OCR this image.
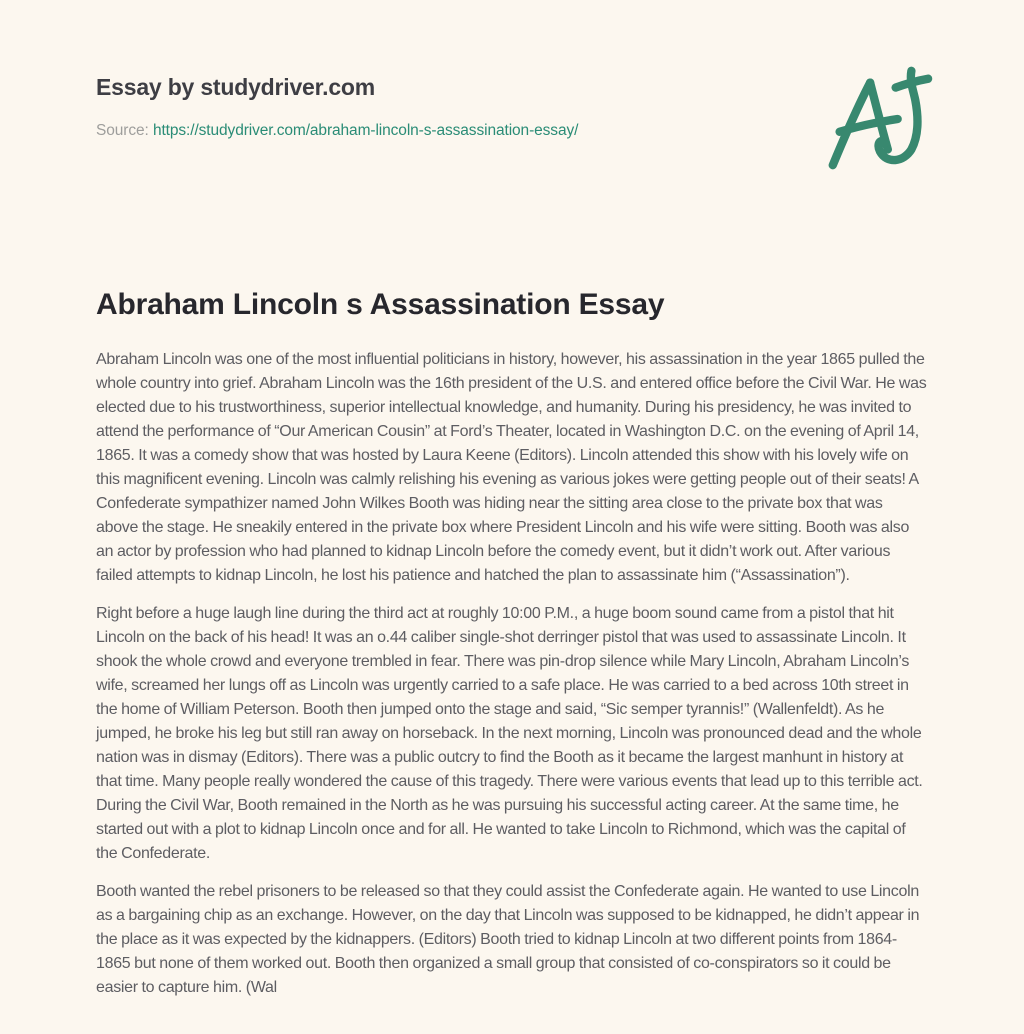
Essay by studydriver.com
Source: https://studydriver.com/abraham-lincoln-s-assassination-essay/
Abraham Lincoln s Assassination Essay

Abraham Lincoln was one of the most influential politicians in history, however, his assassination in the year 1865 pulled the whole country into grief. Abraham Lincoln was the 16th president of the U.S. and entered office before the Civil War. He was elected due to his trustworthiness, superior intellectual knowledge, and humanity. During his presidency, he was invited to attend the performance of “Our American Cousin” at Ford’s Theater, located in Washington D.C. on the evening of April 14, 1865. It was a comedy show that was hosted by Laura Keene (Editors). Lincoln attended this show with his lovely wife on this magnificent evening. Lincoln was calmly relishing his evening as various jokes were getting people out of their seats! A Confederate sympathizer named John Wilkes Booth was hiding near the sitting area close to the private box that was above the stage. He sneakily entered in the private box where President Lincoln and his wife were sitting. Booth was also an actor by profession who had planned to kidnap Lincoln before the comedy event, but it didn’t work out. After various failed attempts to kidnap Lincoln, he lost his patience and hatched the plan to assassinate him (“Assassination”).

Right before a huge laugh line during the third act at roughly 10:00 P.M., a huge boom sound came from a pistol that hit Lincoln on the back of his head! It was an o.44 caliber single-shot derringer pistol that was used to assassinate Lincoln. It shook the whole crowd and everyone trembled in fear. There was pin-drop silence while Mary Lincoln, Abraham Lincoln’s wife, screamed her lungs off as Lincoln was urgently carried to a safe place. He was carried to a bed across 10th street in the home of William Peterson. Booth then jumped onto the stage and said, “Sic semper tyrannis!” (Wallenfeldt). As he jumped, he broke his leg but still ran away on horseback. In the next morning, Lincoln was pronounced dead and the whole nation was in dismay (Editors). There was a public outcry to find the Booth as it became the largest manhunt in history at that time. Many people really wondered the cause of this tragedy. There were various events that lead up to this terrible act. During the Civil War, Booth remained in the North as he was pursuing his successful acting career. At the same time, he started out with a plot to kidnap Lincoln once and for all. He wanted to take Lincoln to Richmond, which was the capital of the Confederate.

Booth wanted the rebel prisoners to be released so that they could assist the Confederate again. He wanted to use Lincoln as a bargaining chip as an exchange. However, on the day that Lincoln was supposed to be kidnapped, he didn’t appear in the place as it was expected by the kidnappers. (Editors) Booth tried to kidnap Lincoln at two different points from 1864-1865 but none of them worked out. Booth then organized a small group that consisted of co-conspirators so it could be easier to capture him. (Wal
